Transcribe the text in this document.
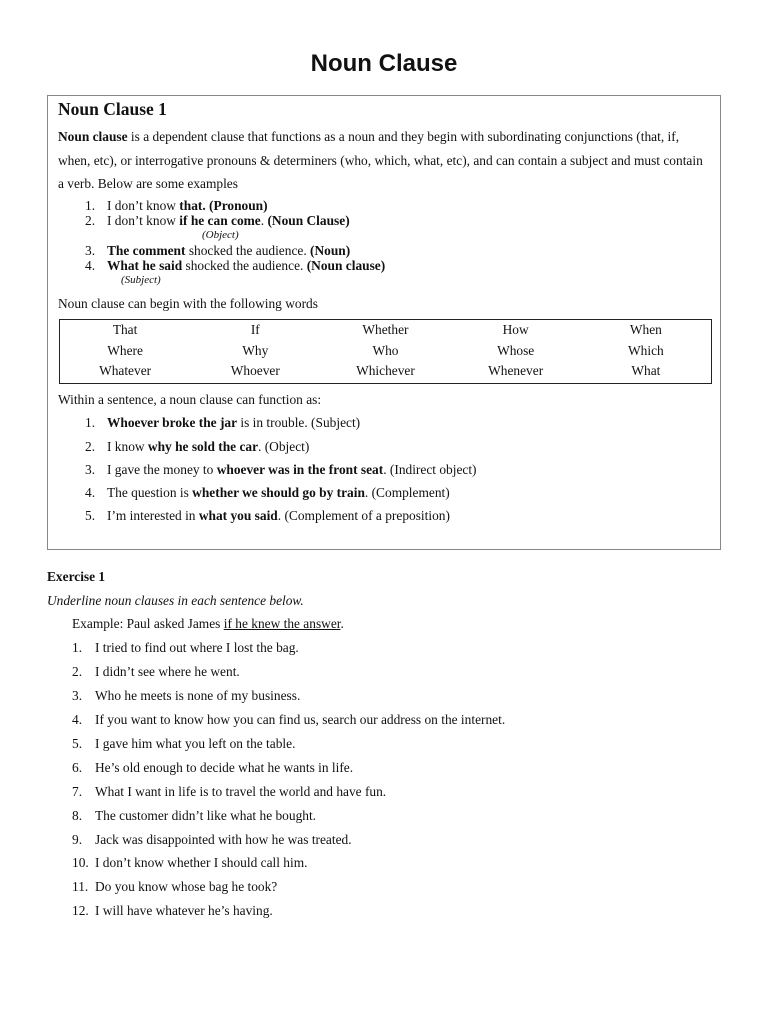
Noun Clause
Noun Clause 1
Noun clause is a dependent clause that functions as a noun and they begin with subordinating conjunctions (that, if, when, etc), or interrogative pronouns & determiners (who, which, what, etc), and can contain a subject and must contain a verb. Below are some examples
1. I don’t know that. (Pronoun)
2. I don’t know if he can come. (Noun Clause)
(Object)
3. The comment shocked the audience. (Noun)
4. What he said shocked the audience. (Noun clause)
(Subject)
Noun clause can begin with the following words
That	If	Whether	How	When
Where	Why	Who	Whose	Which
Whatever	Whoever	Whichever	Whenever	What
Within a sentence, a noun clause can function as:
1. Whoever broke the jar is in trouble. (Subject)
2. I know why he sold the car. (Object)
3. I gave the money to whoever was in the front seat. (Indirect object)
4. The question is whether we should go by train. (Complement)
5. I’m interested in what you said. (Complement of a preposition)
Exercise 1
Underline noun clauses in each sentence below.
Example: Paul asked James if he knew the answer.
1. I tried to find out where I lost the bag.
2. I didn’t see where he went.
3. Who he meets is none of my business.
4. If you want to know how you can find us, search our address on the internet.
5. I gave him what you left on the table.
6. He’s old enough to decide what he wants in life.
7. What I want in life is to travel the world and have fun.
8. The customer didn’t like what he bought.
9. Jack was disappointed with how he was treated.
10. I don’t know whether I should call him.
11. Do you know whose bag he took?
12. I will have whatever he’s having.
